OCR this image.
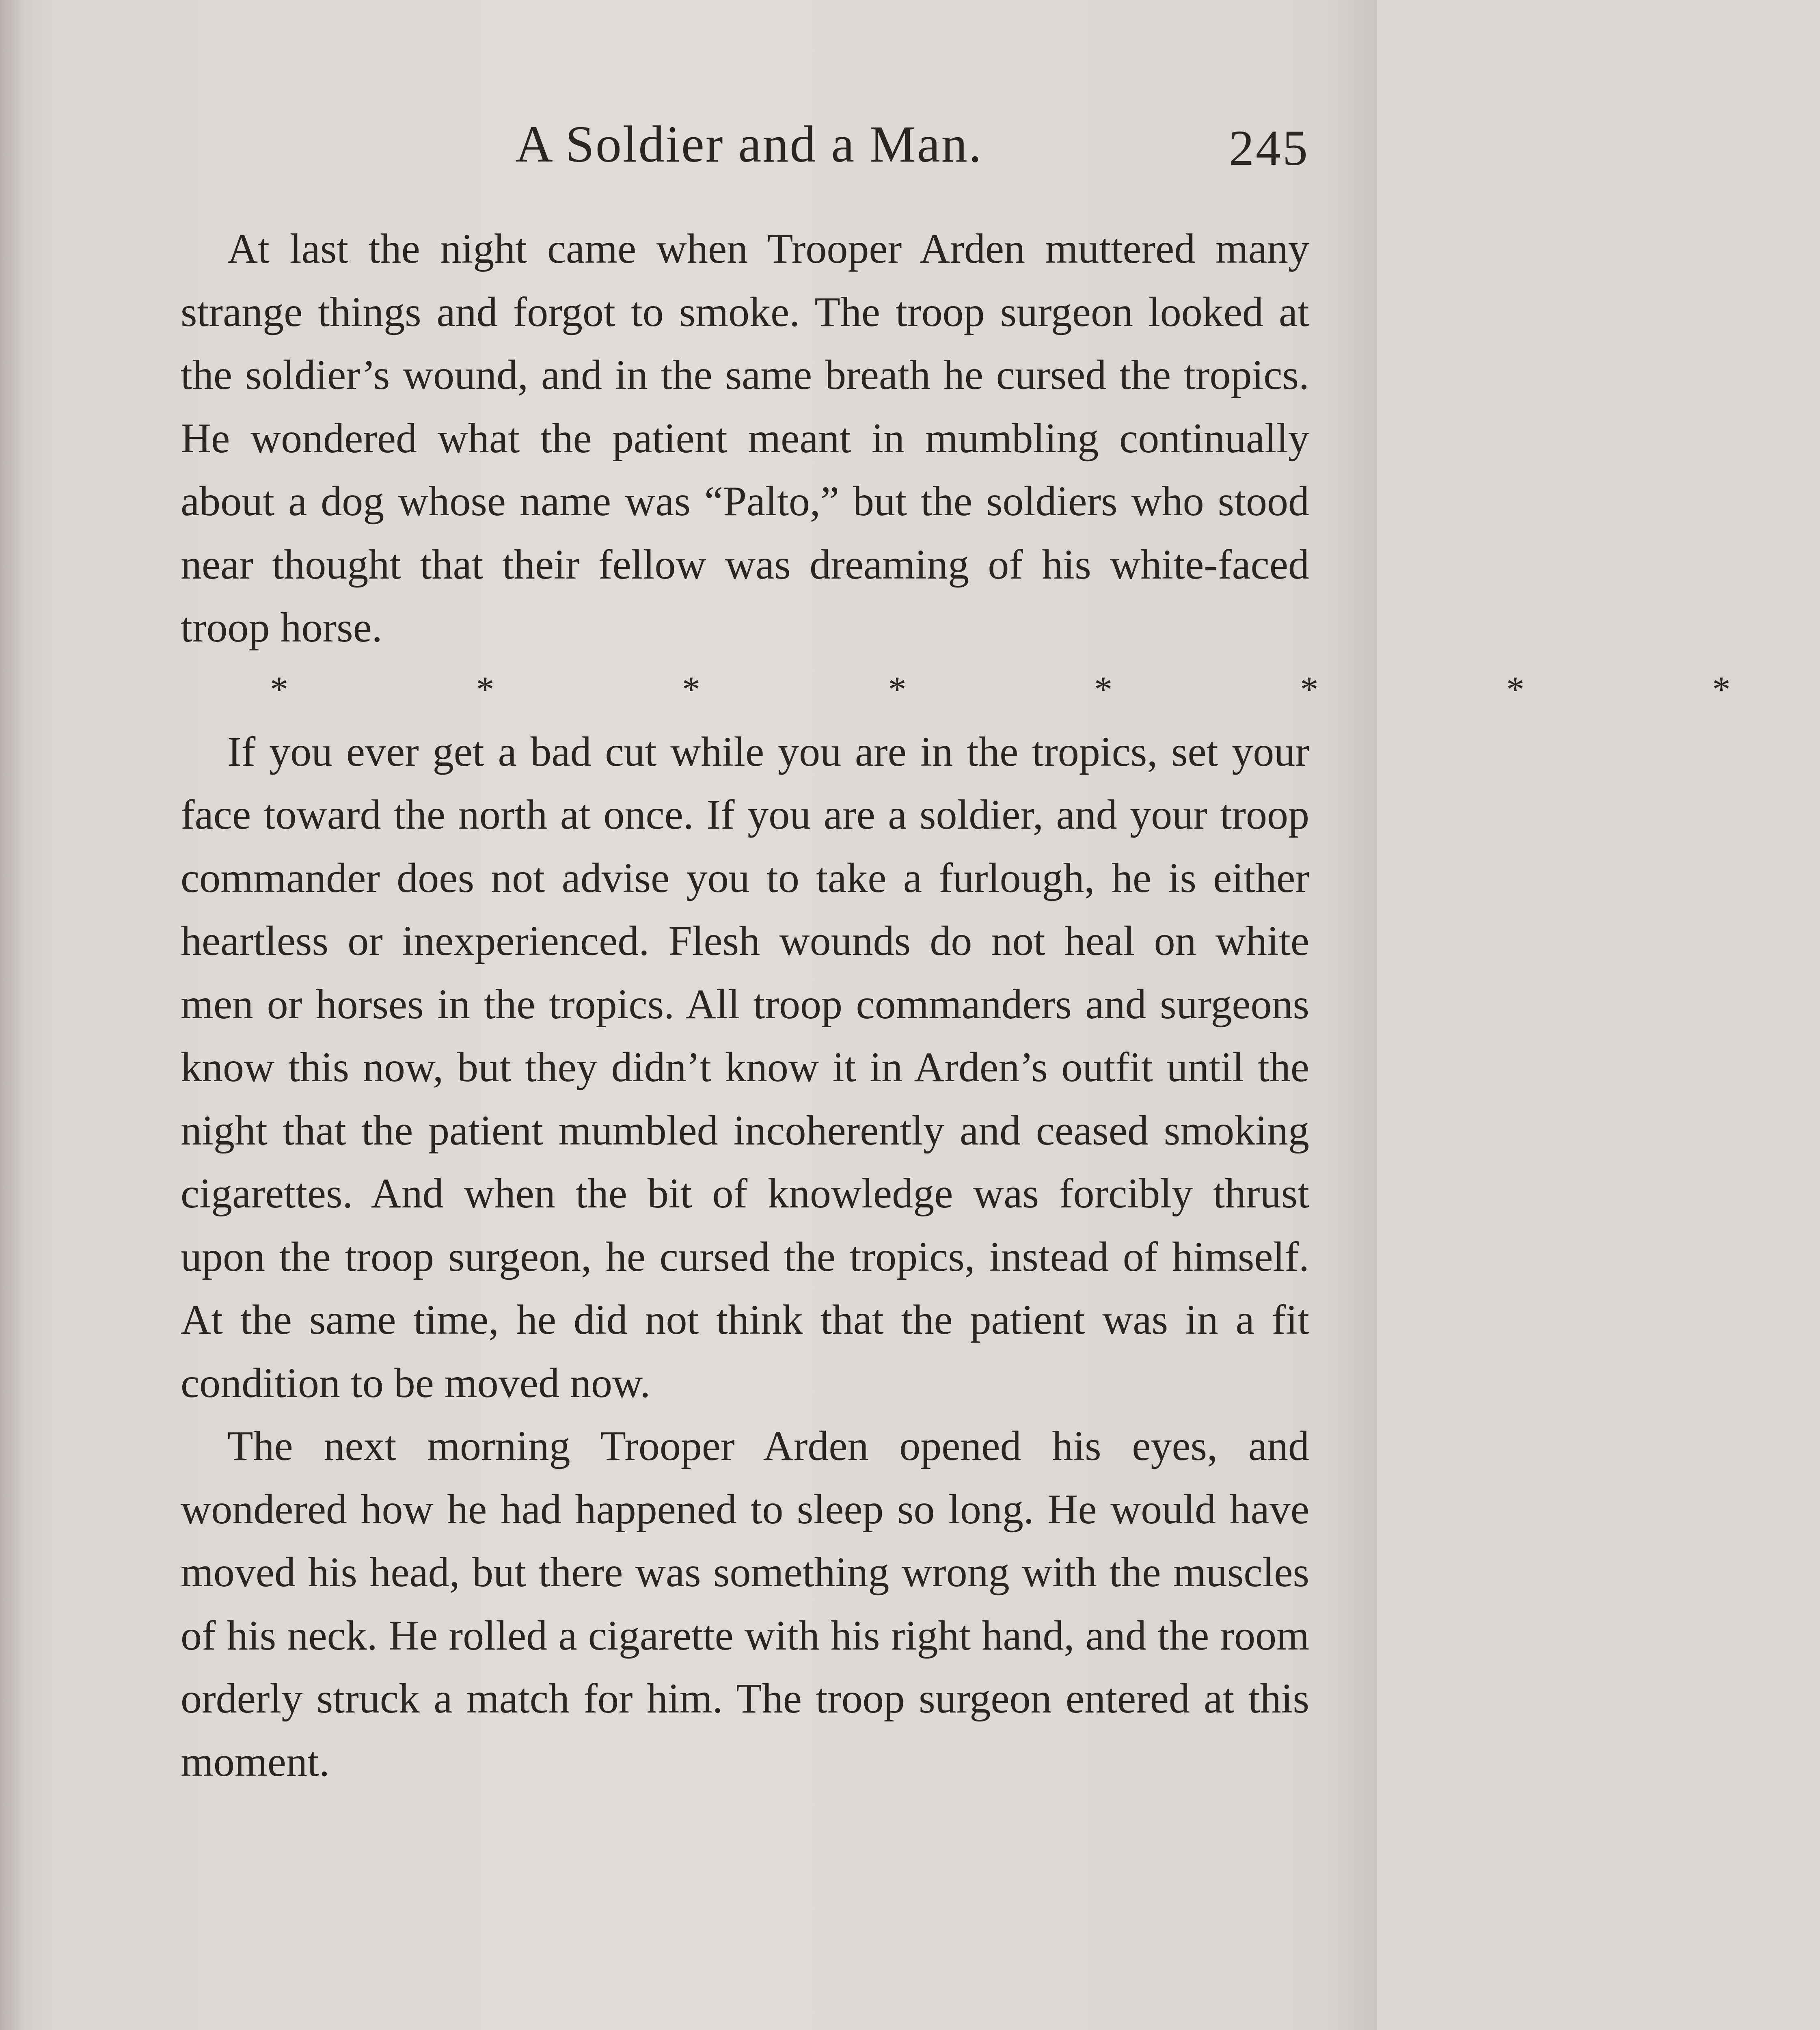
A Soldier and a Man.	245

At last the night came when Trooper Arden muttered many strange things and forgot to smoke. The troop surgeon looked at the soldier’s wound, and in the same breath he cursed the tropics. He wondered what the patient meant in mumbling continually about a dog whose name was “Palto,” but the soldiers who stood near thought that their fellow was dreaming of his white-faced troop horse.

* * * * * * * *

If you ever get a bad cut while you are in the tropics, set your face toward the north at once. If you are a soldier, and your troop commander does not advise you to take a furlough, he is either heartless or inexperienced. Flesh wounds do not heal on white men or horses in the tropics. All troop commanders and surgeons know this now, but they didn’t know it in Arden’s outfit until the night that the patient mumbled incoherently and ceased smoking cigarettes. And when the bit of knowledge was forcibly thrust upon the troop surgeon, he cursed the tropics, instead of himself. At the same time, he did not think that the patient was in a fit condition to be moved now.

The next morning Trooper Arden opened his eyes, and wondered how he had happened to sleep so long. He would have moved his head, but there was something wrong with the muscles of his neck. He rolled a cigarette with his right hand, and the room orderly struck a match for him. The troop surgeon entered at this moment.
